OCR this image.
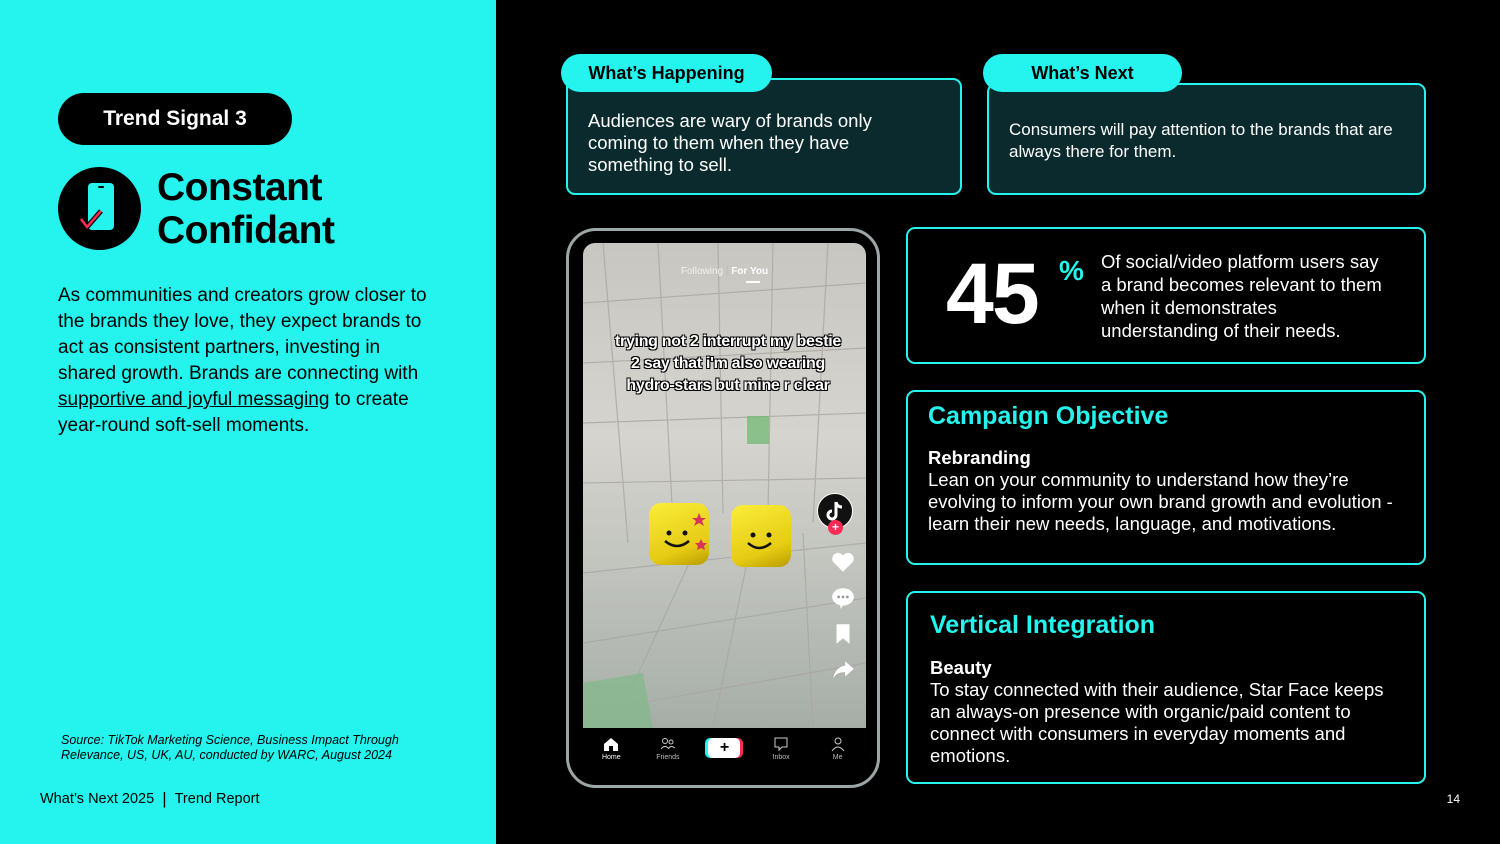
Trend Signal 3
Constant
Confidant
As communities and creators grow closer to the brands they love, they expect brands to act as consistent partners, investing in shared growth. Brands are connecting with supportive and joyful messaging to create year-round soft-sell moments.
Source: TikTok Marketing Science, Business Impact Through Relevance, US, UK, AU, conducted by WARC, August 2024
What’s Next 2025 | Trend Report	14
Audiences are wary of brands only coming to them when they have something to sell.
What’s Happening
Consumers will pay attention to the brands that are always there for them.
What’s Next
Following | For You
trying not 2 interrupt my bestie 2 say that i'm also wearing hydro-stars but mine r clear
+
Home	Friends
+
Inbox	Me
45 % Of social/video platform users say a brand becomes relevant to them when it demonstrates understanding of their needs.
Campaign Objective
Rebranding
Lean on your community to understand how they’re evolving to inform your own brand growth and evolution - learn their new needs, language, and motivations.
Vertical Integration
Beauty
To stay connected with their audience, Star Face keeps an always-on presence with organic/paid content to connect with consumers in everyday moments and emotions.
